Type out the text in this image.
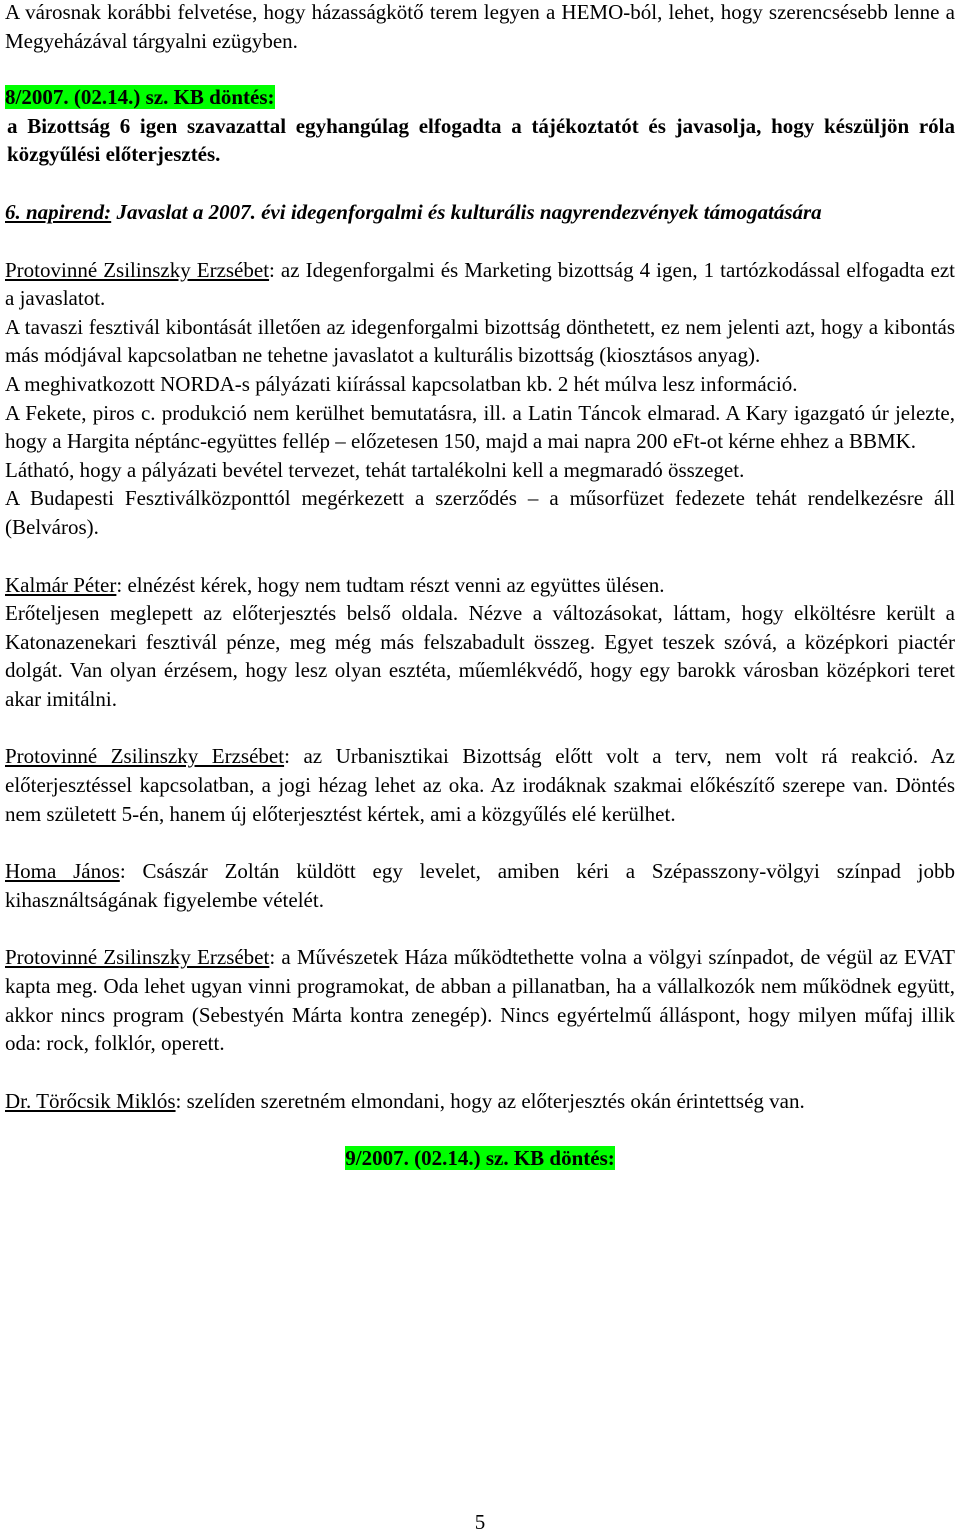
A városnak korábbi felvetése, hogy házasságkötő terem legyen a HEMO-ból, lehet, hogy szerencsésebb lenne a Megyeházával tárgyalni ezügyben.

8/2007. (02.14.) sz. KB döntés:

a Bizottság 6 igen szavazattal egyhangúlag elfogadta a tájékoztatót és javasolja, hogy készüljön róla közgyűlési előterjesztés.

6. napirend: Javaslat a 2007. évi idegenforgalmi és kulturális nagyrendezvények támogatására

Protovinné Zsilinszky Erzsébet: az Idegenforgalmi és Marketing bizottság 4 igen, 1 tartózkodással elfogadta ezt a javaslatot.

A tavaszi fesztivál kibontását illetően az idegenforgalmi bizottság dönthetett, ez nem jelenti azt, hogy a kibontás más módjával kapcsolatban ne tehetne javaslatot a kulturális bizottság (kiosztásos anyag).

A meghivatkozott NORDA-s pályázati kiírással kapcsolatban kb. 2 hét múlva lesz információ.

A Fekete, piros c. produkció nem kerülhet bemutatásra, ill. a Latin Táncok elmarad. A Kary igazgató úr jelezte, hogy a Hargita néptánc-együttes fellép – előzetesen 150, majd a mai napra 200 eFt-ot kérne ehhez a BBMK.

Látható, hogy a pályázati bevétel tervezet, tehát tartalékolni kell a megmaradó összeget.

A Budapesti Fesztiválközponttól megérkezett a szerződés – a műsorfüzet fedezete tehát rendelkezésre áll (Belváros).

Kalmár Péter: elnézést kérek, hogy nem tudtam részt venni az együttes ülésen.

Erőteljesen meglepett az előterjesztés belső oldala. Nézve a változásokat, láttam, hogy elköltésre került a Katonazenekari fesztivál pénze, meg még más felszabadult összeg. Egyet teszek szóvá, a középkori piactér dolgát. Van olyan érzésem, hogy lesz olyan esztéta, műemlékvédő, hogy egy barokk városban középkori teret akar imitálni.

Protovinné Zsilinszky Erzsébet: az Urbanisztikai Bizottság előtt volt a terv, nem volt rá reakció. Az előterjesztéssel kapcsolatban, a jogi hézag lehet az oka. Az irodáknak szakmai előkészítő szerepe van. Döntés nem született 5-én, hanem új előterjesztést kértek, ami a közgyűlés elé kerülhet.

Homa János: Császár Zoltán küldött egy levelet, amiben kéri a Szépasszony-völgyi színpad jobb kihasználtságának figyelembe vételét.

Protovinné Zsilinszky Erzsébet: a Művészetek Háza működtethette volna a völgyi színpadot, de végül az EVAT kapta meg. Oda lehet ugyan vinni programokat, de abban a pillanatban, ha a vállalkozók nem működnek együtt, akkor nincs program (Sebestyén Márta kontra zenegép). Nincs egyértelmű álláspont, hogy milyen műfaj illik oda: rock, folklór, operett.

Dr. Törőcsik Miklós: szelíden szeretném elmondani, hogy az előterjesztés okán érintettség van.

9/2007. (02.14.) sz. KB döntés:

5
